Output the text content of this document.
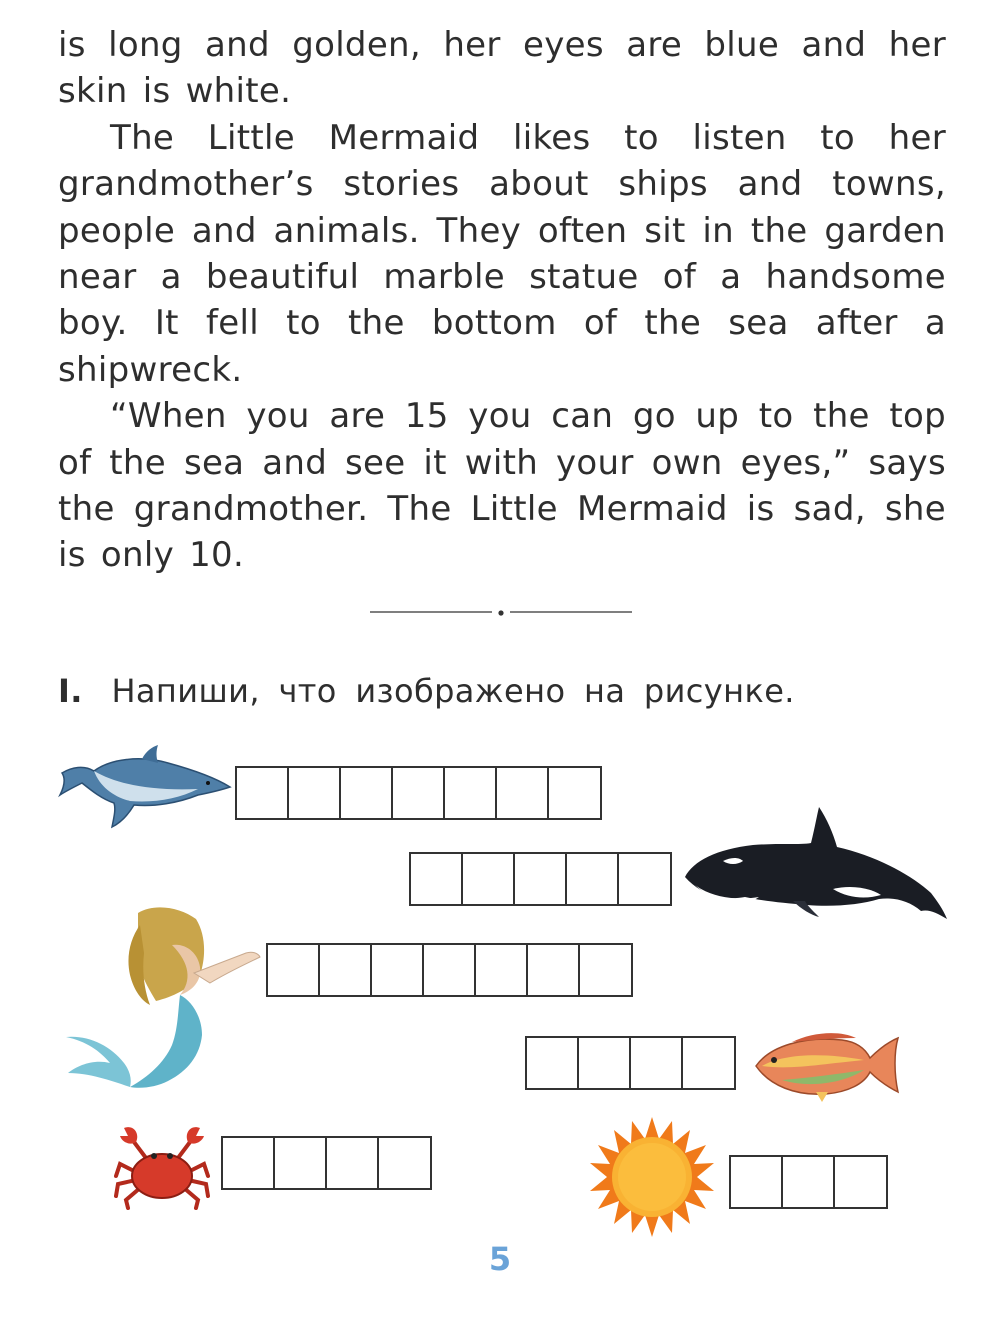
is long and golden, her eyes are blue and her skin is white.

The Little Mermaid likes to listen to her grandmother’s stories about ships and towns, people and animals. They often sit in the garden near a beautiful marble statue of a handsome boy. It fell to the bottom of the sea after a shipwreck.

“When you are 15 you can go up to the top of the sea and see it with your own eyes,” says the grandmother. The Little Mermaid is sad, she is only 10.

I. Напиши, что изображено на рисунке.
5
